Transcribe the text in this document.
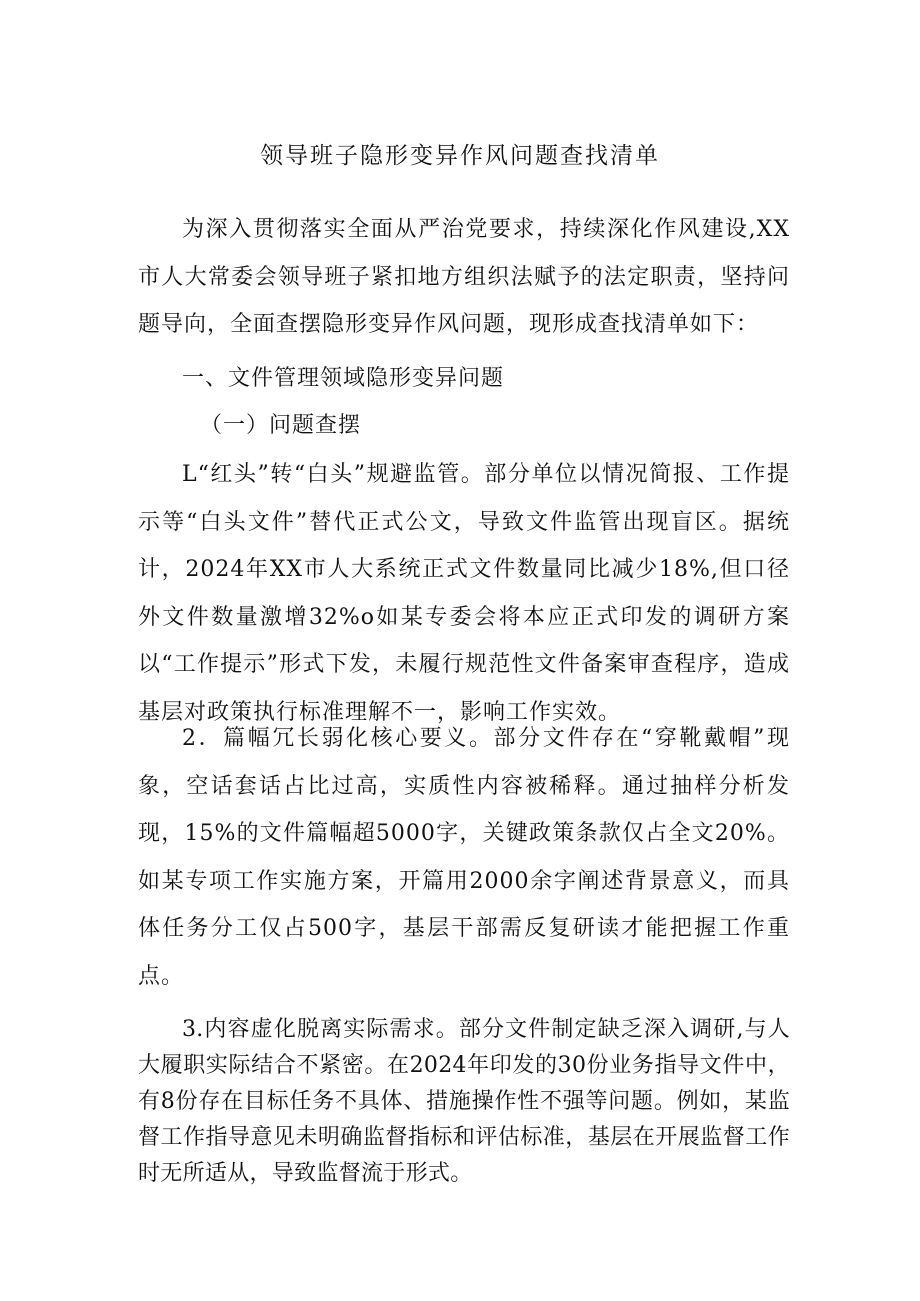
领导班子隐形变异作风问题查找清单

为深入贯彻落实全面从严治党要求，持续深化作风建设,XX市人大常委会领导班子紧扣地方组织法赋予的法定职责，坚持问题导向，全面查摆隐形变异作风问题，现形成查找清单如下：

一、文件管理领域隐形变异问题

（一）问题查摆

L“红头”转“白头”规避监管。部分单位以情况简报、工作提示等“白头文件”替代正式公文，导致文件监管出现盲区。据统计，2024年XX市人大系统正式文件数量同比减少18%,但口径外文件数量激增32%o如某专委会将本应正式印发的调研方案以“工作提示”形式下发，未履行规范性文件备案审查程序，造成基层对政策执行标准理解不一，影响工作实效。

2．篇幅冗长弱化核心要义。部分文件存在“穿靴戴帽”现象，空话套话占比过高，实质性内容被稀释。通过抽样分析发现，15%的文件篇幅超5000字，关键政策条款仅占全文20%。如某专项工作实施方案，开篇用2000余字阐述背景意义，而具体任务分工仅占500字，基层干部需反复研读才能把握工作重点。

3.内容虚化脱离实际需求。部分文件制定缺乏深入调研,与人大履职实际结合不紧密。在2024年印发的30份业务指导文件中，有8份存在目标任务不具体、措施操作性不强等问题。例如，某监督工作指导意见未明确监督指标和评估标准，基层在开展监督工作时无所适从，导致监督流于形式。
